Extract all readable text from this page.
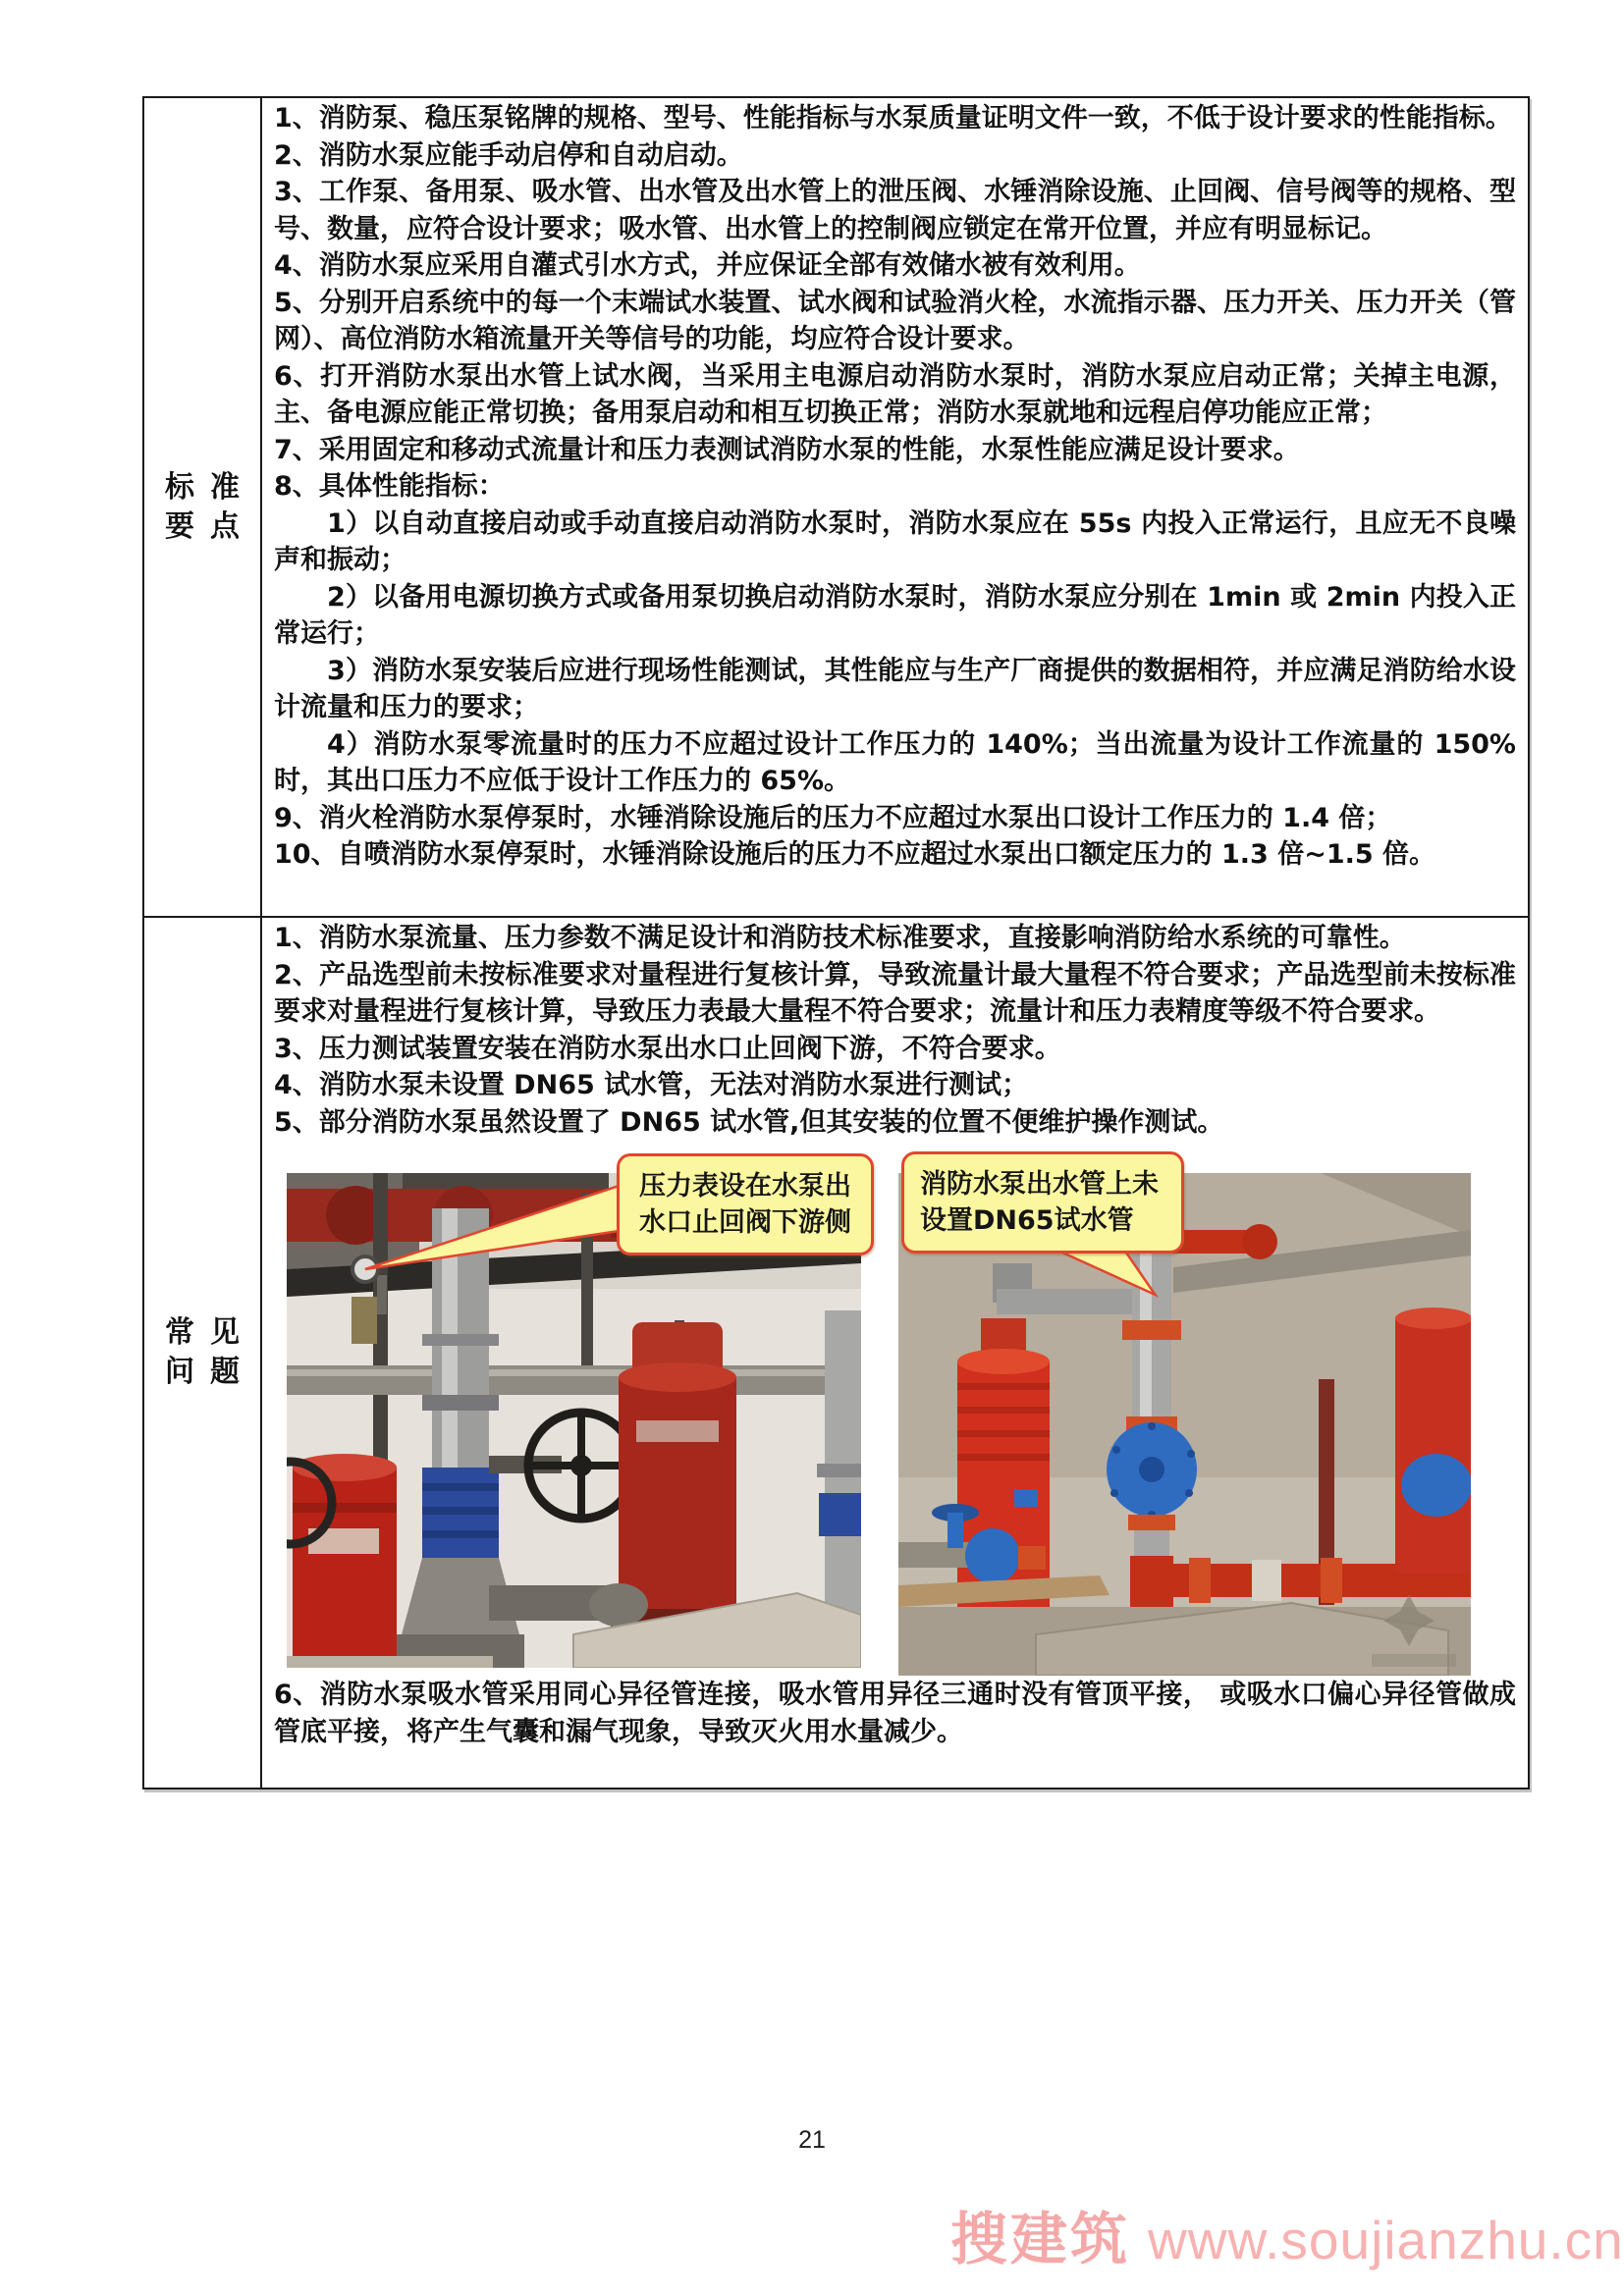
标准要点

1、消防泵、稳压泵铭牌的规格、型号、性能指标与水泵质量证明文件一致，不低于设计要求的性能指标。

2、消防水泵应能手动启停和自动启动。

3、工作泵、备用泵、吸水管、出水管及出水管上的泄压阀、水锤消除设施、止回阀、信号阀等的规格、型号、数量，应符合设计要求；吸水管、出水管上的控制阀应锁定在常开位置，并应有明显标记。

4、消防水泵应采用自灌式引水方式，并应保证全部有效储水被有效利用。

5、分别开启系统中的每一个末端试水装置、试水阀和试验消火栓，水流指示器、压力开关、压力开关（管网）、高位消防水箱流量开关等信号的功能，均应符合设计要求。

6、打开消防水泵出水管上试水阀，当采用主电源启动消防水泵时，消防水泵应启动正常；关掉主电源，主、备电源应能正常切换；备用泵启动和相互切换正常；消防水泵就地和远程启停功能应正常；

7、采用固定和移动式流量计和压力表测试消防水泵的性能，水泵性能应满足设计要求。

8、具体性能指标：

1）以自动直接启动或手动直接启动消防水泵时，消防水泵应在 55s 内投入正常运行，且应无不良噪声和振动；

2）以备用电源切换方式或备用泵切换启动消防水泵时，消防水泵应分别在 1min 或 2min 内投入正常运行；

3）消防水泵安装后应进行现场性能测试，其性能应与生产厂商提供的数据相符，并应满足消防给水设计流量和压力的要求；

4）消防水泵零流量时的压力不应超过设计工作压力的 140%；当出流量为设计工作流量的 150%时，其出口压力不应低于设计工作压力的 65%。

9、消火栓消防水泵停泵时，水锤消除设施后的压力不应超过水泵出口设计工作压力的 1.4 倍；

10、自喷消防水泵停泵时，水锤消除设施后的压力不应超过水泵出口额定压力的 1.3 倍~1.5 倍。

常见问题

1、消防水泵流量、压力参数不满足设计和消防技术标准要求，直接影响消防给水系统的可靠性。

2、产品选型前未按标准要求对量程进行复核计算，导致流量计最大量程不符合要求；产品选型前未按标准要求对量程进行复核计算，导致压力表最大量程不符合要求；流量计和压力表精度等级不符合要求。

3、压力测试装置安装在消防水泵出水口止回阀下游，不符合要求。

4、消防水泵未设置 DN65 试水管，无法对消防水泵进行测试；

5、部分消防水泵虽然设置了 DN65 试水管,但其安装的位置不便维护操作测试。

压力表设在水泵出
水口止回阀下游侧
消防水泵出水管上未
设置DN65试水管

6、消防水泵吸水管采用同心异径管连接，吸水管用异径三通时没有管顶平接， 或吸水口偏心异径管做成管底平接，将产生气囊和漏气现象，导致灭火用水量减少。

21
搜建筑 www.soujianzhu.cn
